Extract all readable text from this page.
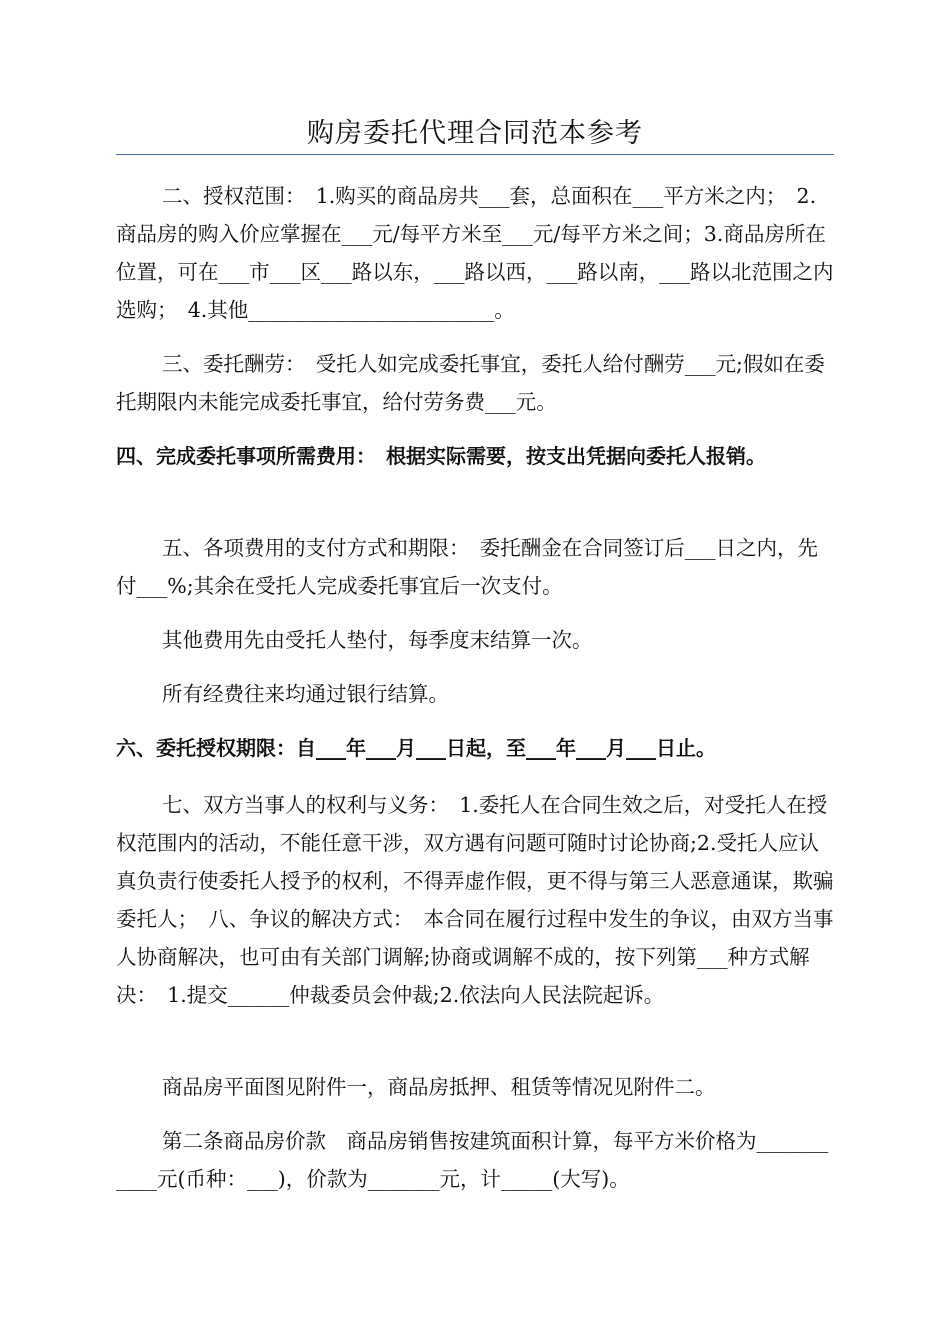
购房委托代理合同范本参考

二、授权范围：　1.购买的商品房共___套，总面积在___平方米之内；　2.商品房的购入价应掌握在___元/每平方米至___元/每平方米之间；3.商品房所在位置，可在___市___区___路以东，___路以西，___路以南，___路以北范围之内选购；　4.其他________________________。

三、委托酬劳：　受托人如完成委托事宜，委托人给付酬劳___元;假如在委托期限内未能完成委托事宜，给付劳务费___元。

四、完成委托事项所需费用：　根据实际需要，按支出凭据向委托人报销。

五、各项费用的支付方式和期限：　委托酬金在合同签订后___日之内，先付___%;其余在受托人完成委托事宜后一次支付。

其他费用先由受托人垫付，每季度末结算一次。

所有经费往来均通过银行结算。

六、委托授权期限：自___年___月___日起，至___年___月___日止。

七、双方当事人的权利与义务：　1.委托人在合同生效之后，对受托人在授权范围内的活动，不能任意干涉，双方遇有问题可随时讨论协商;2.受托人应认真负责行使委托人授予的权利，不得弄虚作假，更不得与第三人恶意通谋，欺骗委托人；　八、争议的解决方式：　本合同在履行过程中发生的争议，由双方当事人协商解决，也可由有关部门调解;协商或调解不成的，按下列第___种方式解决：　1.提交______仲裁委员会仲裁;2.依法向人民法院起诉。

商品房平面图见附件一，商品房抵押、租赁等情况见附件二。

第二条商品房价款　商品房销售按建筑面积计算，每平方米价格为___________元(币种：___)，价款为_______元，计_____(大写)。
